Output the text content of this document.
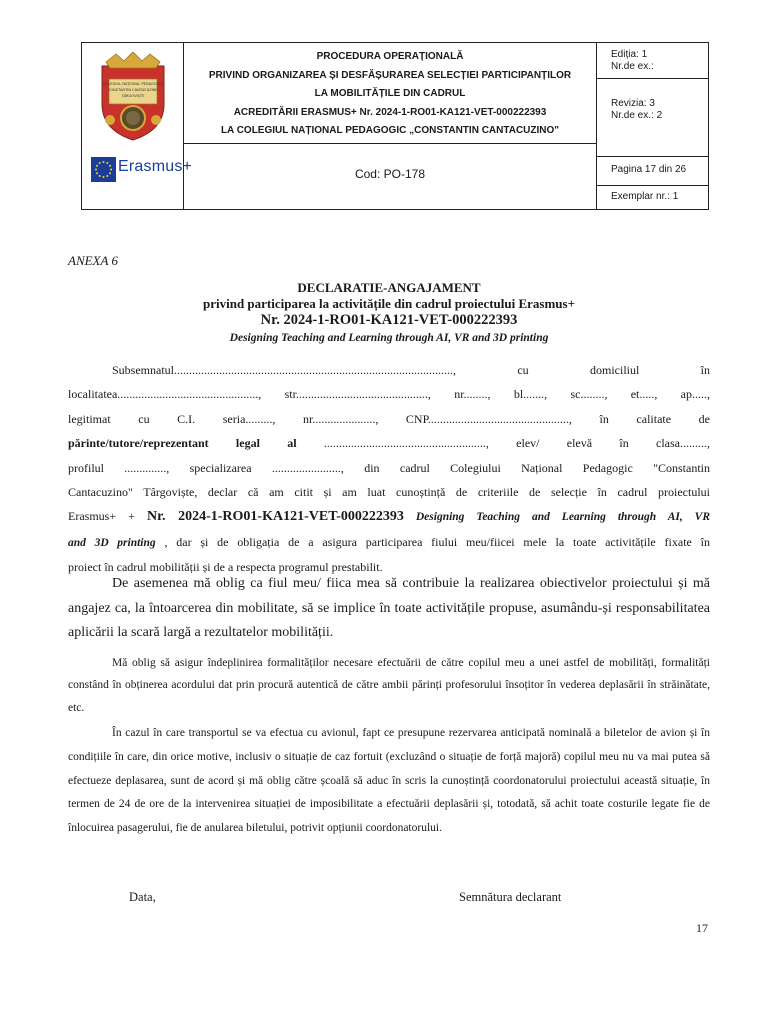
COLEGIUL NAȚIONAL PEDAGOGIC
CONSTANTIN CANTACUZINO
TÂRGOVIȘTE
Erasmus+
PROCEDURA OPERAȚIONALĂ
PRIVIND ORGANIZAREA ȘI DESFĂȘURAREA SELECȚIEI PARTICIPANȚILOR
LA MOBILITĂȚILE DIN CADRUL
ACREDITĂRII ERASMUS+ Nr. 2024-1-RO01-KA121-VET-000222393
LA COLEGIUL NAȚIONAL PEDAGOGIC „CONSTANTIN CANTACUZINO"
Cod: PO-178
Ediția: 1
Nr.de ex.:
Revizia: 3
Nr.de ex.: 2
Pagina 17 din 26
Exemplar nr.: 1
ANEXA 6
DECLARATIE-ANGAJAMENT
privind participarea la activitățile din cadrul proiectului Erasmus+
Nr. 2024-1-RO01-KA121-VET-000222393
Designing Teaching and Learning through AI, VR and 3D printing
Subsemnatul............................................................................................., cu domiciliul în
localitatea..............................................., str............................................, nr........, bl......., sc........, et....., ap.....,
legitimat cu C.I. seria........., nr....................., CNP..............................................., în calitate de
părinte/tutore/reprezentant legal al ......................................................, elev/ elevă în clasa.........,
profilul .............., specializarea ......................., din cadrul Colegiului Național Pedagogic "Constantin
Cantacuzino" Târgoviște, declar că am citit și am luat cunoștință de criteriile de selecție în cadrul proiectului
Erasmus+ + Nr. 2024-1-RO01-KA121-VET-000222393 Designing Teaching and Learning through AI, VR
and 3D printing , dar și de obligația de a asigura participarea fiului meu/fiicei mele la toate activitățile fixate în
proiect în cadrul mobilității și de a respecta programul prestabilit.
De asemenea mă oblig ca fiul meu/ fiica mea să contribuie la realizarea obiectivelor proiectului și mă angajez ca, la întoarcerea din mobilitate, să se implice în toate activitățile propuse, asumându-și responsabilitatea aplicării la scară largă a rezultatelor mobilității.
Mă oblig să asigur îndeplinirea formalităților necesare efectuării de către copilul meu a unei astfel de mobilități, formalități constând în obținerea acordului dat prin procură autentică de către ambii părinți profesorului însoțitor în vederea deplasării în străinătate, etc.
În cazul în care transportul se va efectua cu avionul, fapt ce presupune rezervarea anticipată nominală a biletelor de avion și în condițiile în care, din orice motive, inclusiv o situație de caz fortuit (excluzând o situație de forță majoră) copilul meu nu va mai putea să efectueze deplasarea, sunt de acord și mă oblig către școală să aduc în scris la cunoștință coordonatorului proiectului această situație, în termen de 24 de ore de la intervenirea situației de imposibilitate a efectuării deplasării și, totodată, să achit toate costurile legate fie de înlocuirea pasagerului, fie de anularea biletului, potrivit opțiunii coordonatorului.
Data,	Semnătura declarant
17
